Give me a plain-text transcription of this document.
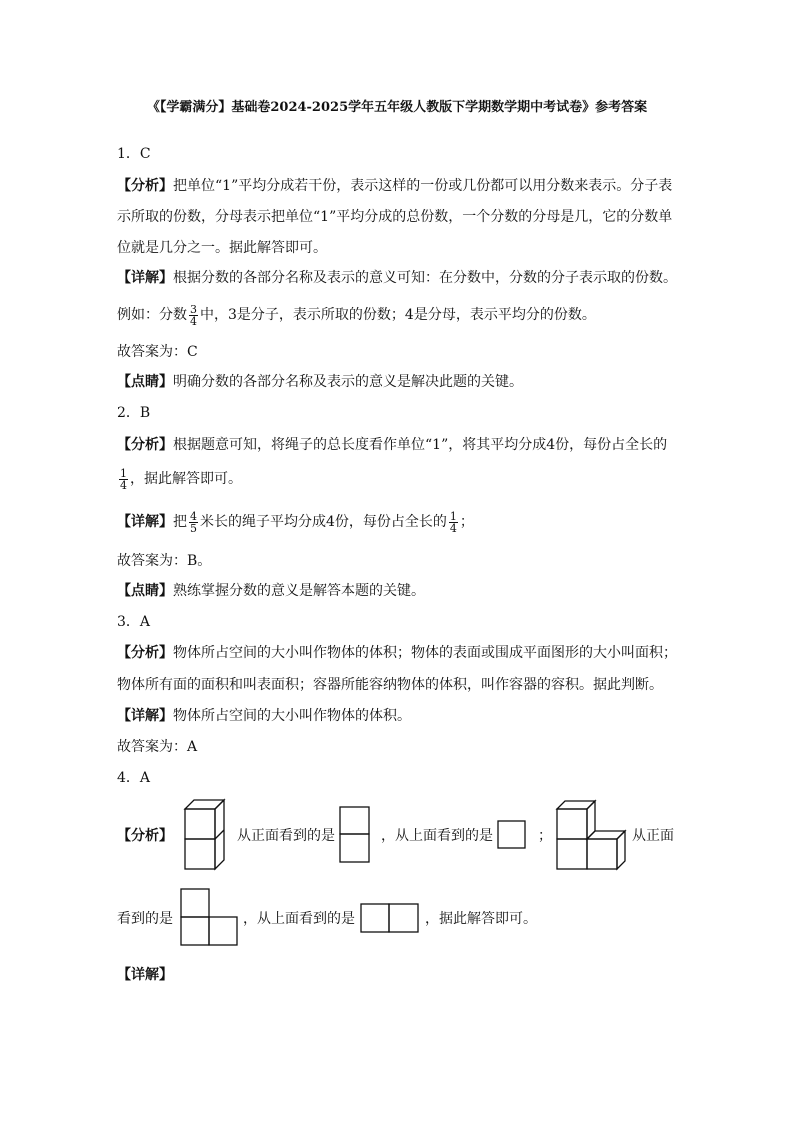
《【学霸满分】基础卷2024-2025学年五年级人教版下学期数学期中考试卷》参考答案
1．C
【分析】把单位“1”平均分成若干份，表示这样的一份或几份都可以用分数来表示。分子表
示所取的份数，分母表示把单位“1”平均分成的总份数，一个分数的分母是几，它的分数单
位就是几分之一。据此解答即可。
【详解】根据分数的各部分名称及表示的意义可知：在分数中，分数的分子表示取的份数。
例如：分数 $\frac{3}{4}$ 中，3是分子，表示所取的份数；4是分母，表示平均分的份数。
故答案为：C
【点睛】明确分数的各部分名称及表示的意义是解决此题的关键。
2．B
【分析】根据题意可知，将绳子的总长度看作单位“1”，将其平均分成4份，每份占全长的
$\frac{1}{4}$ ，据此解答即可。
【详解】把 $\frac{4}{5}$ 米长的绳子平均分成4份，每份占全长的 $\frac{1}{4}$ ；
故答案为：B。
【点睛】熟练掌握分数的意义是解答本题的关键。
3．A
【分析】物体所占空间的大小叫作物体的体积；物体的表面或围成平面图形的大小叫面积；
物体所有面的面积和叫表面积；容器所能容纳物体的体积，叫作容器的容积。据此判断。
【详解】物体所占空间的大小叫作物体的体积。
故答案为：A
4．A
【分析】	从正面看到的是	，从上面看到的是	；	从正面
看到的是	，从上面看到的是	，据此解答即可。
【详解】
